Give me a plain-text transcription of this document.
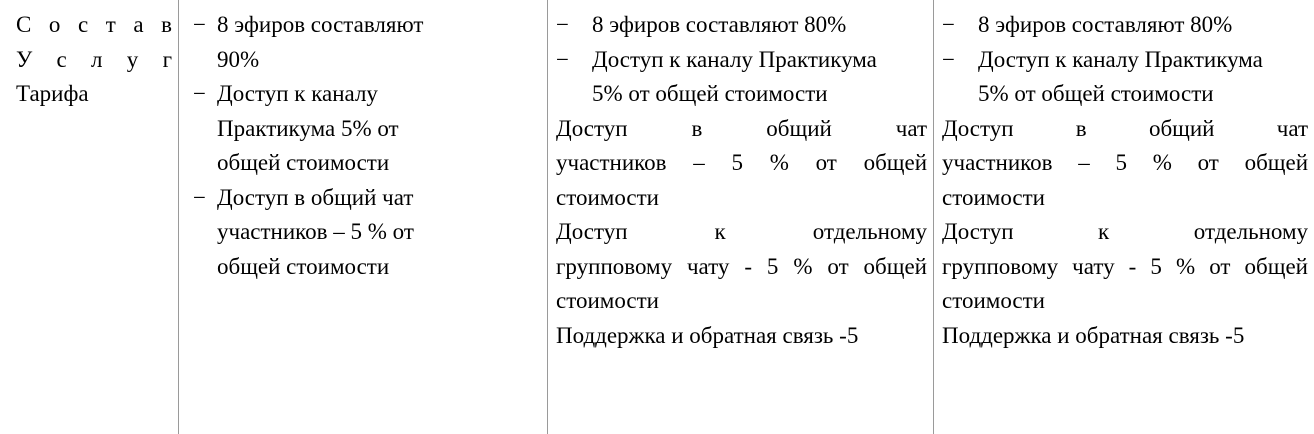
С о с т а в
У с л у г
Тарифа

− 8 эфиров составляют 90%
− Доступ к каналу Практикума 5% от общей стоимости
− Доступ в общий чат участников – 5 % от общей стоимости

−	8 эфиров составляют 80%
−	Доступ к каналу Практикума 5% от общей стоимости
Доступ в общий чат
участников – 5 % от общей стоимости
Доступ к отдельному
групповому чату - 5 % от общей стоимости
Поддержка и обратная связь -5

−	8 эфиров составляют 80%
−	Доступ к каналу Практикума 5% от общей стоимости
Доступ в общий чат
участников – 5 % от общей стоимости
Доступ к отдельному
групповому чату - 5 % от общей стоимости
Поддержка и обратная связь -5
